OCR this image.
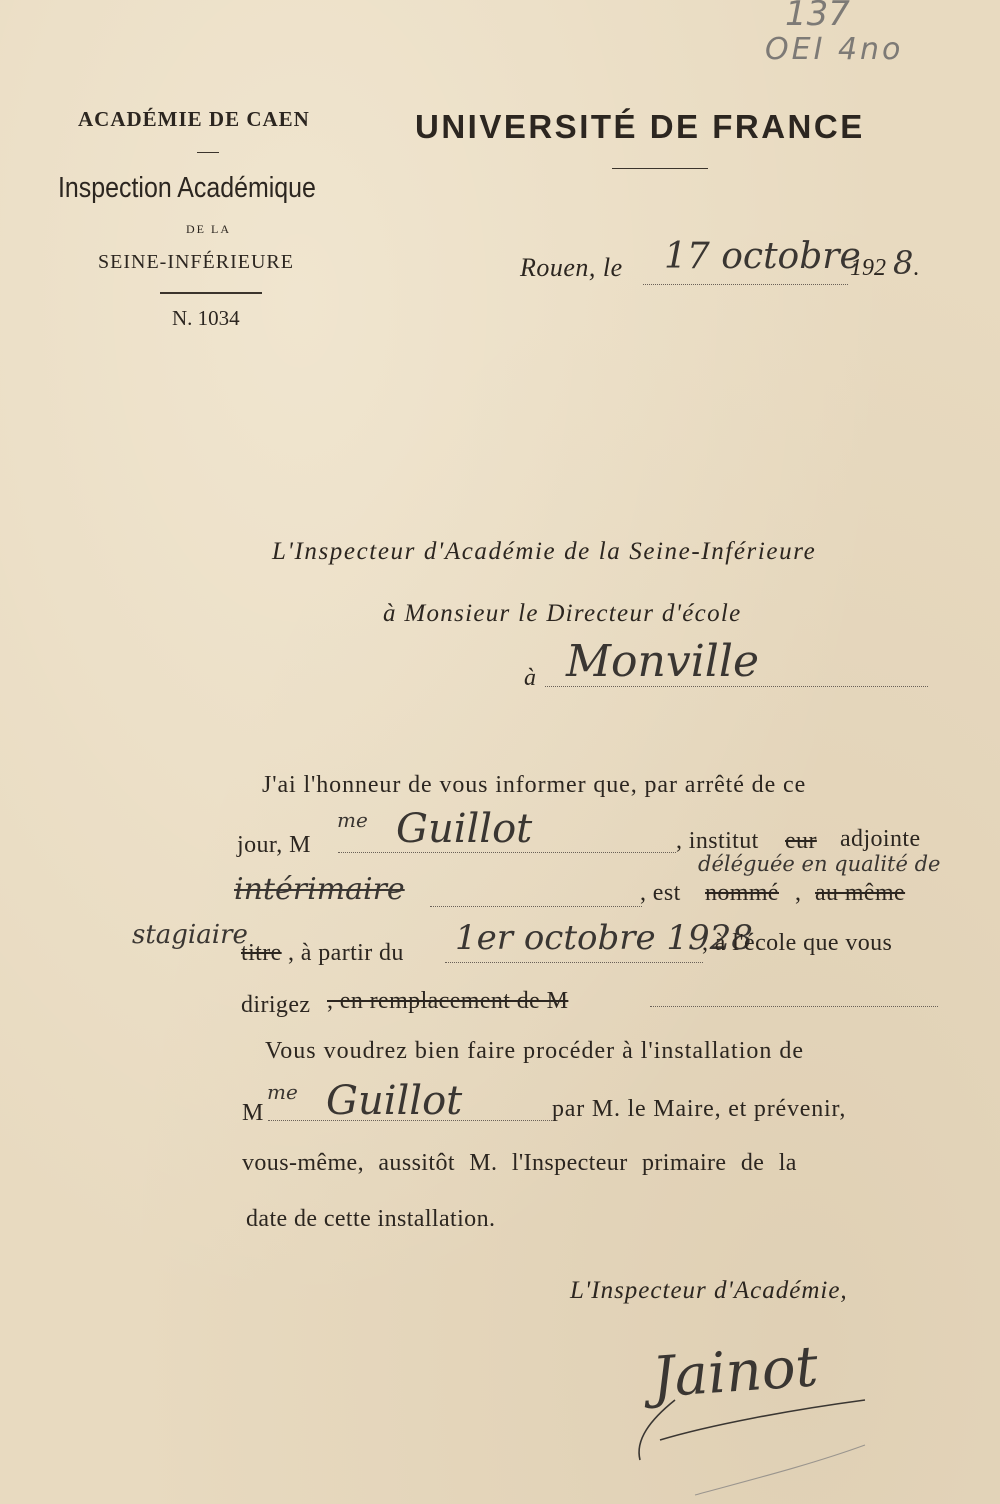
137
OEI 4no
ACADÉMIE DE CAEN
Inspection Académique
DE LA
SEINE-INFÉRIEURE
N. 1034
UNIVERSITÉ DE FRANCE
Rouen, le 17 octobre
192 8 .
L'Inspecteur d'Académie de la Seine-Inférieure
à Monsieur le Directeur d'école
à Monville
J'ai l'honneur de vous informer que, par arrêté de ce
jour, M
me Guillot	, institut eur adjointe
déléguée en qualité de
intérimaire	, est nommé , au même
stagiaire
titre , à partir du 1er octobre 1928
, à l'école que vous
dirigez , en remplacement de M
Vous voudrez bien faire procéder à l'installation de
M
me Guillot	par M. le Maire, et prévenir,
vous-même, aussitôt M. l'Inspecteur primaire de la
date de cette installation.
L'Inspecteur d'Académie,
Jainot
